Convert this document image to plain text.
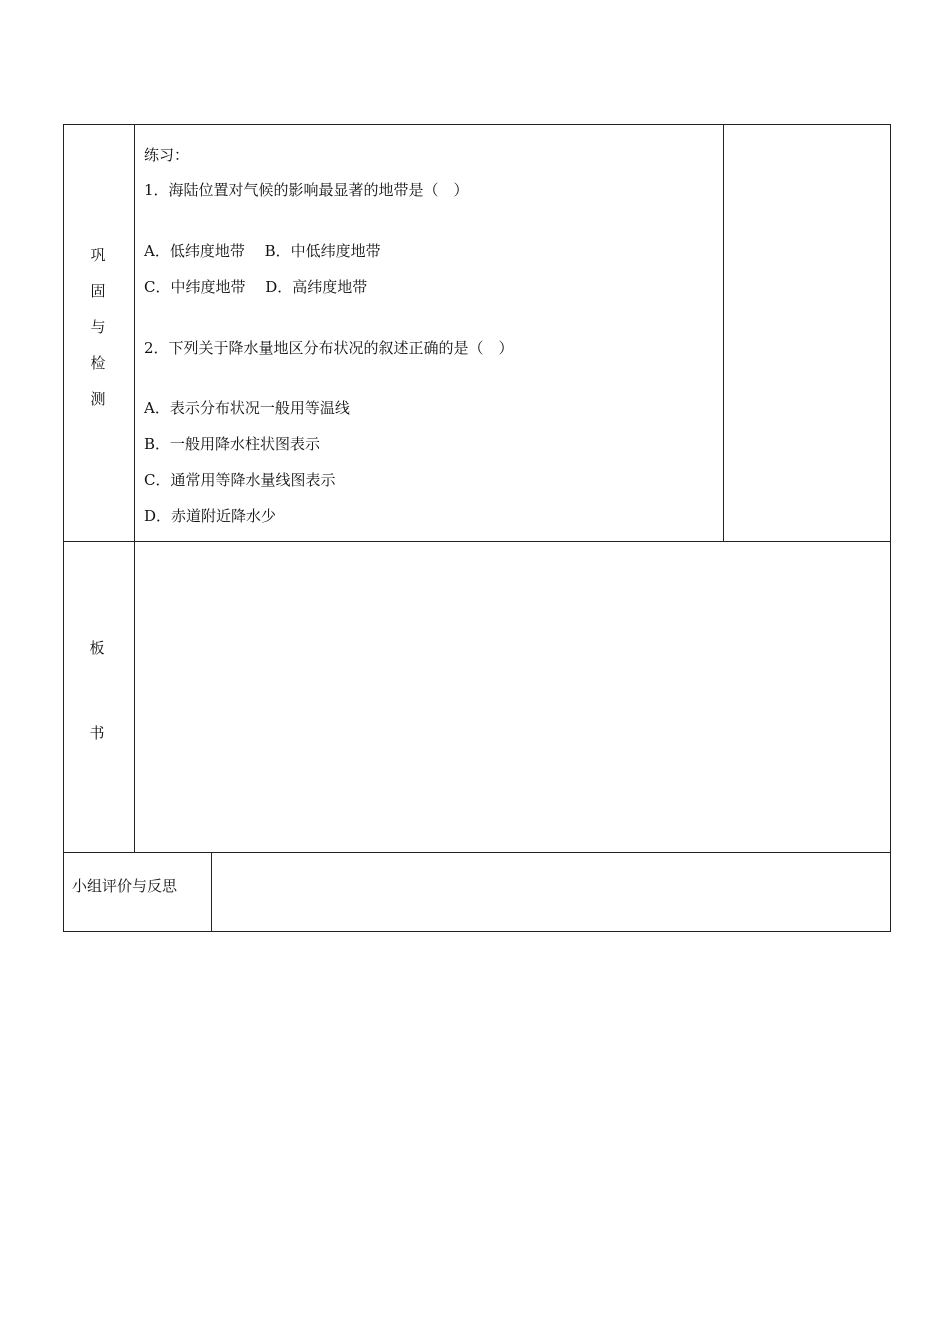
巩
固
与
检
测
练习：
1．海陆位置对气候的影响最显著的地带是（　）
A．低纬度地带　 B．中低纬度地带
C．中纬度地带　 D．高纬度地带
2．下列关于降水量地区分布状况的叙述正确的是（　）
A．表示分布状况一般用等温线
B．一般用降水柱状图表示
C．通常用等降水量线图表示
D．赤道附近降水少
板
书
小组评价与反思
